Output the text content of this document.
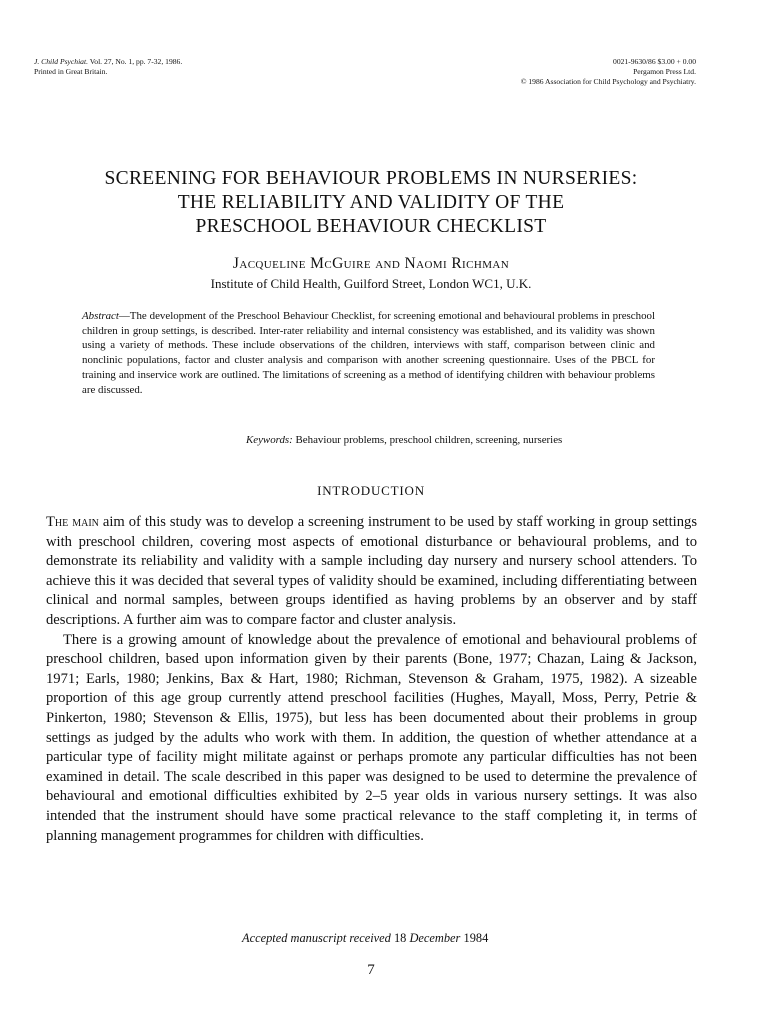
J. Child Psychiat. Vol. 27, No. 1, pp. 7-32, 1986.
Printed in Great Britain.
0021-9630/86 $3.00 + 0.00
Pergamon Press Ltd.
© 1986 Association for Child Psychology and Psychiatry.
SCREENING FOR BEHAVIOUR PROBLEMS IN NURSERIES:
THE RELIABILITY AND VALIDITY OF THE
PRESCHOOL BEHAVIOUR CHECKLIST
Jacqueline McGuire and Naomi Richman
Institute of Child Health, Guilford Street, London WC1, U.K.
Abstract—The development of the Preschool Behaviour Checklist, for screening emotional and behavioural problems in preschool children in group settings, is described. Inter-rater reliability and internal consistency was established, and its validity was shown using a variety of methods. These include observations of the children, interviews with staff, comparison between clinic and nonclinic populations, factor and cluster analysis and comparison with another screening questionnaire. Uses of the PBCL for training and inservice work are outlined. The limitations of screening as a method of identifying children with behaviour problems are discussed.
Keywords: Behaviour problems, preschool children, screening, nurseries
INTRODUCTION

The main aim of this study was to develop a screening instrument to be used by staff working in group settings with preschool children, covering most aspects of emotional disturbance or behavioural problems, and to demonstrate its reliability and validity with a sample including day nursery and nursery school attenders. To achieve this it was decided that several types of validity should be examined, including differentiating between clinical and normal samples, between groups identified as having problems by an observer and by staff descriptions. A further aim was to compare factor and cluster analysis.

There is a growing amount of knowledge about the prevalence of emotional and behavioural problems of preschool children, based upon information given by their parents (Bone, 1977; Chazan, Laing & Jackson, 1971; Earls, 1980; Jenkins, Bax & Hart, 1980; Richman, Stevenson & Graham, 1975, 1982). A sizeable proportion of this age group currently attend preschool facilities (Hughes, Mayall, Moss, Perry, Petrie & Pinkerton, 1980; Stevenson & Ellis, 1975), but less has been documented about their problems in group settings as judged by the adults who work with them. In addition, the question of whether attendance at a particular type of facility might militate against or perhaps promote any particular difficulties has not been examined in detail. The scale described in this paper was designed to be used to determine the prevalence of behavioural and emotional difficulties exhibited by 2–5 year olds in various nursery settings. It was also intended that the instrument should have some practical relevance to the staff completing it, in terms of planning management programmes for children with difficulties.

Accepted manuscript received 18 December 1984
7
